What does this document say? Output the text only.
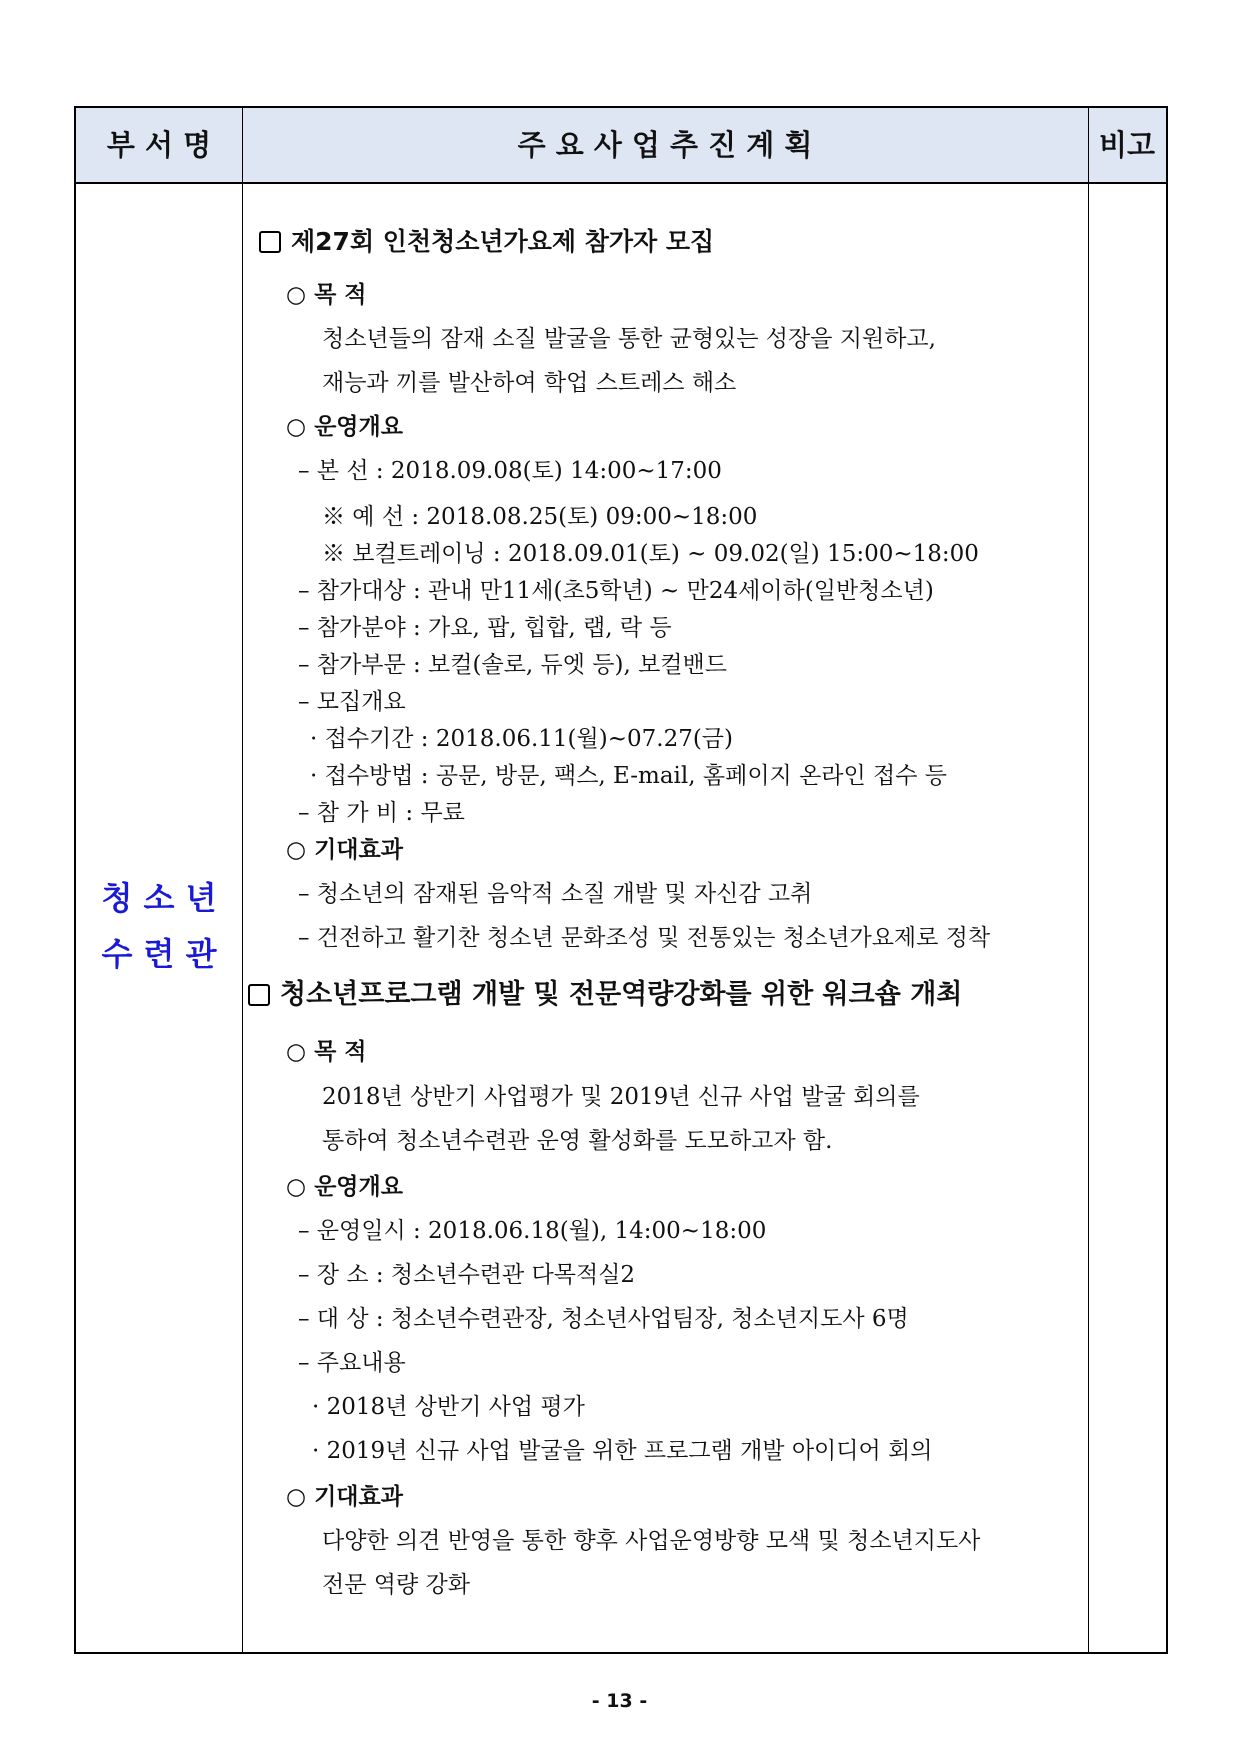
부 서 명	주 요 사 업 추 진 계 획	비고
청 소 년
수 련 관
제27회 인천청소년가요제 참가자 모집
○ 목 적
청소년들의 잠재 소질 발굴을 통한 균형있는 성장을 지원하고,
재능과 끼를 발산하여 학업 스트레스 해소
○ 운영개요
– 본 선 : 2018.09.08(토) 14:00~17:00
※ 예 선 : 2018.08.25(토) 09:00~18:00
※ 보컬트레이닝 : 2018.09.01(토) ~ 09.02(일) 15:00~18:00
– 참가대상 : 관내 만11세(초5학년) ~ 만24세이하(일반청소년)
– 참가분야 : 가요, 팝, 힙합, 랩, 락 등
– 참가부문 : 보컬(솔로, 듀엣 등), 보컬밴드
– 모집개요
· 접수기간 : 2018.06.11(월)~07.27(금)
· 접수방법 : 공문, 방문, 팩스, E-mail, 홈페이지 온라인 접수 등
– 참 가 비 : 무료
○ 기대효과
– 청소년의 잠재된 음악적 소질 개발 및 자신감 고취
– 건전하고 활기찬 청소년 문화조성 및 전통있는 청소년가요제로 정착
청소년프로그램 개발 및 전문역량강화를 위한 워크숍 개최
○ 목 적
2018년 상반기 사업평가 및 2019년 신규 사업 발굴 회의를
통하여 청소년수련관 운영 활성화를 도모하고자 함.
○ 운영개요
– 운영일시 : 2018.06.18(월), 14:00~18:00
– 장 소 : 청소년수련관 다목적실2
– 대 상 : 청소년수련관장, 청소년사업팀장, 청소년지도사 6명
– 주요내용
· 2018년 상반기 사업 평가
· 2019년 신규 사업 발굴을 위한 프로그램 개발 아이디어 회의
○ 기대효과
다양한 의견 반영을 통한 향후 사업운영방향 모색 및 청소년지도사
전문 역량 강화
- 13 -
